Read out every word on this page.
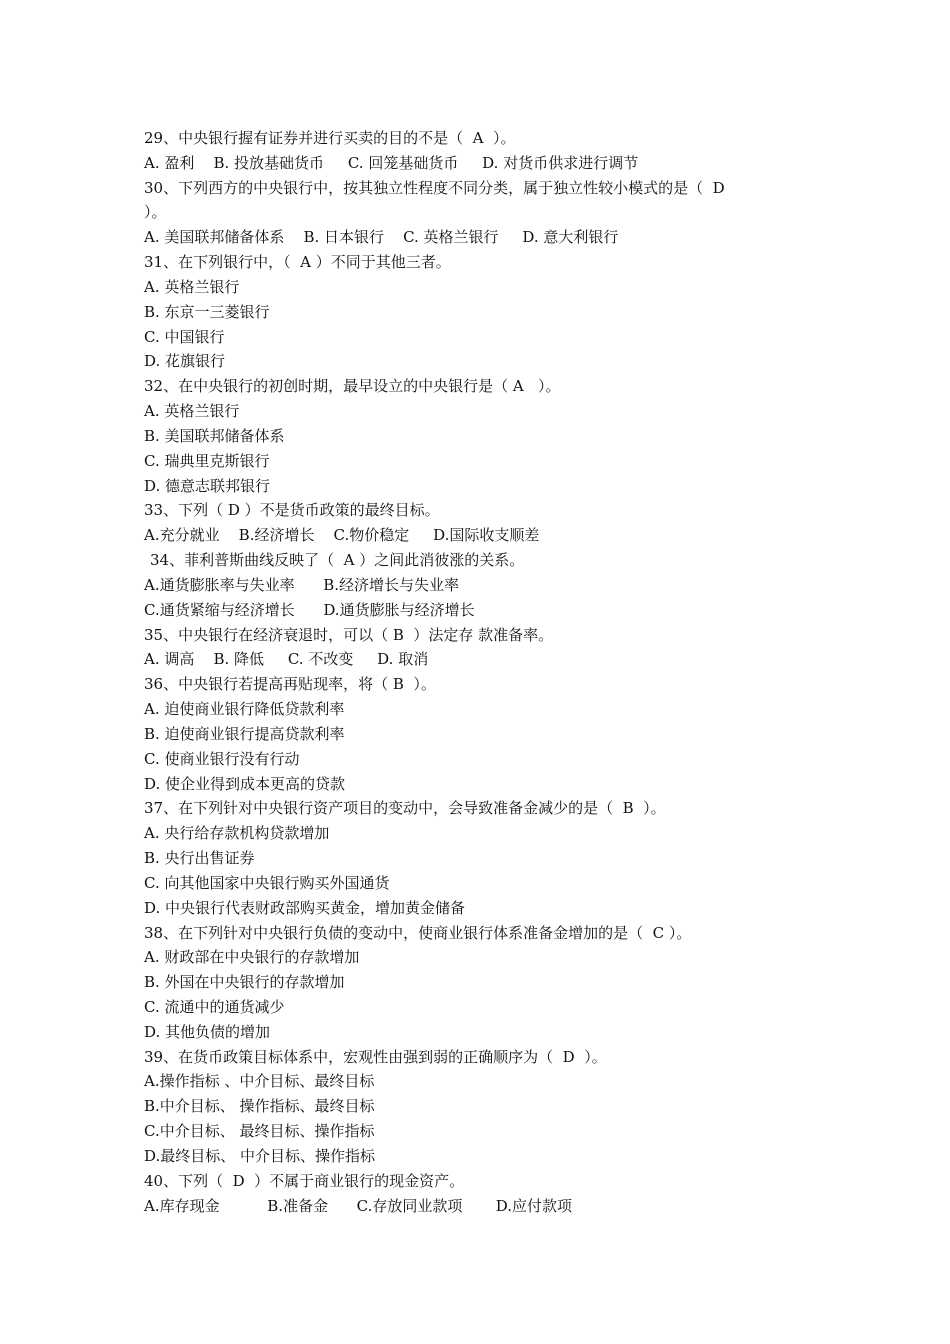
29、中央银行握有证券并进行买卖的目的不是（  A  ）。
A. 盈利    B. 投放基础货币     C. 回笼基础货币     D. 对货币供求进行调节
30、下列西方的中央银行中，按其独立性程度不同分类，属于独立性较小模式的是（  D
）。
A. 美国联邦储备体系    B. 日本银行    C. 英格兰银行     D. 意大利银行
31、在下列银行中，（  A ）不同于其他三者。
A. 英格兰银行
B. 东京一三菱银行
C. 中国银行
D. 花旗银行
32、在中央银行的初创时期，最早设立的中央银行是（ A   ）。
A. 英格兰银行
B. 美国联邦储备体系
C. 瑞典里克斯银行
D. 德意志联邦银行
33、下列（ D ）不是货币政策的最终目标。
A.充分就业    B.经济增长    C.物价稳定     D.国际收支顺差
34、菲利普斯曲线反映了（  A ）之间此消彼涨的关系。
A.通货膨胀率与失业率      B.经济增长与失业率
C.通货紧缩与经济增长      D.通货膨胀与经济增长
35、中央银行在经济衰退时，可以（ B  ）法定存 款准备率。
A. 调高    B. 降低     C. 不改变     D. 取消
36、中央银行若提高再贴现率，将（ B  ）。
A. 迫使商业银行降低贷款利率
B. 迫使商业银行提高贷款利率
C. 使商业银行没有行动
D. 使企业得到成本更高的贷款
37、在下列针对中央银行资产项目的变动中，会导致准备金减少的是（  B  ）。
A. 央行给存款机构贷款增加
B. 央行出售证券
C. 向其他国家中央银行购买外国通货
D. 中央银行代表财政部购买黄金，增加黄金储备
38、在下列针对中央银行负债的变动中，使商业银行体系准备金增加的是（  C ）。
A. 财政部在中央银行的存款增加
B. 外国在中央银行的存款增加
C. 流通中的通货减少
D. 其他负债的增加
39、在货币政策目标体系中，宏观性由强到弱的正确顺序为（  D  ）。
A.操作指标 、中介目标、最终目标
B.中介目标、 操作指标、最终目标
C.中介目标、 最终目标、操作指标
D.最终目标、 中介目标、操作指标
40、下列（  D  ）不属于商业银行的现金资产。
A.库存现金          B.准备金      C.存放同业款项       D.应付款项
